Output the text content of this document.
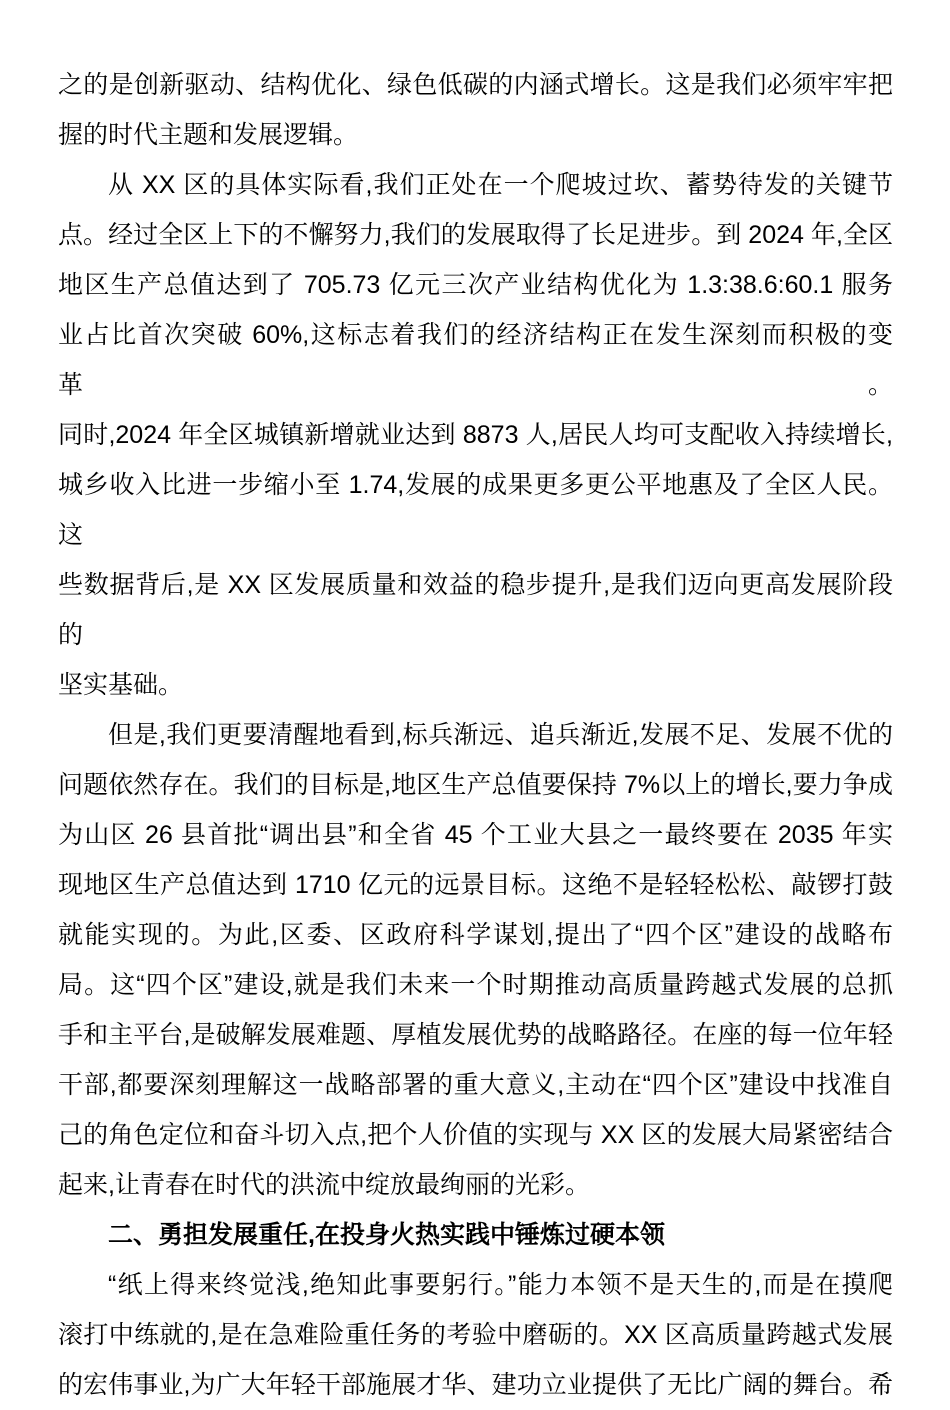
之的是创新驱动、结构优化、绿色低碳的内涵式增长。这是我们必须牢牢把
握的时代主题和发展逻辑。
从 XX 区的具体实际看,我们正处在一个爬坡过坎、蓄势待发的关键节
点。经过全区上下的不懈努力,我们的发展取得了长足进步。到 2024 年,全区
地区生产总值达到了 705.73 亿元三次产业结构优化为 1.3:38.6:60.1 服务
业占比首次突破 60%,这标志着我们的经济结构正在发生深刻而积极的变革。
同时,2024 年全区城镇新增就业达到 8873 人,居民人均可支配收入持续增长,
城乡收入比进一步缩小至 1.74,发展的成果更多更公平地惠及了全区人民。这
些数据背后,是 XX 区发展质量和效益的稳步提升,是我们迈向更高发展阶段的
坚实基础。
但是,我们更要清醒地看到,标兵渐远、追兵渐近,发展不足、发展不优的
问题依然存在。我们的目标是,地区生产总值要保持 7%以上的增长,要力争成
为山区 26 县首批“调出县”和全省 45 个工业大县之一最终要在 2035 年实
现地区生产总值达到 1710 亿元的远景目标。这绝不是轻轻松松、敲锣打鼓
就能实现的。为此,区委、区政府科学谋划,提出了“四个区”建设的战略布
局。这“四个区”建设,就是我们未来一个时期推动高质量跨越式发展的总抓
手和主平台,是破解发展难题、厚植发展优势的战略路径。在座的每一位年轻
干部,都要深刻理解这一战略部署的重大意义,主动在“四个区”建设中找准自
己的角色定位和奋斗切入点,把个人价值的实现与 XX 区的发展大局紧密结合
起来,让青春在时代的洪流中绽放最绚丽的光彩。
二、勇担发展重任,在投身火热实践中锤炼过硬本领
“纸上得来终觉浅,绝知此事要躬行。”能力本领不是天生的,而是在摸爬
滚打中练就的,是在急难险重任务的考验中磨砺的。XX 区高质量跨越式发展
的宏伟事业,为广大年轻干部施展才华、建功立业提供了无比广阔的舞台。希
